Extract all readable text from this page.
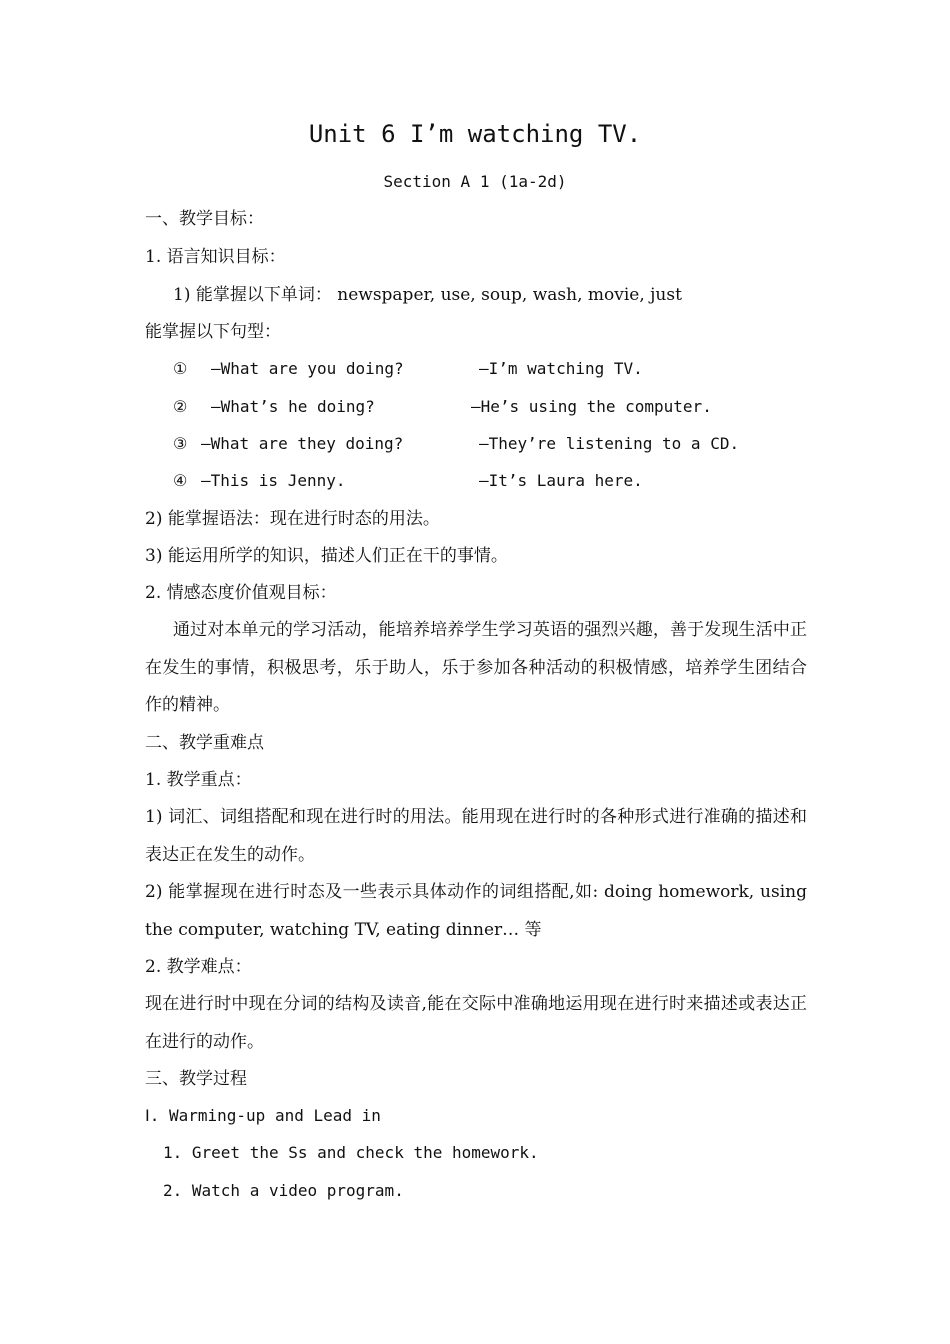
Unit 6 I’m watching TV.
Section A 1 (1a-2d)
一、教学目标：
1. 语言知识目标：
1) 能掌握以下单词： newspaper, use, soup, wash, movie, just
能掌握以下句型：
① —What are you doing?	—I’m watching TV.
② —What’s he doing?	—He’s using the computer.
③ —What are they doing?	—They’re listening to a CD.
④ —This is Jenny.	—It’s Laura here.
2) 能掌握语法：现在进行时态的用法。
3) 能运用所学的知识，描述人们正在干的事情。
2. 情感态度价值观目标：
通过对本单元的学习活动，能培养培养学生学习英语的强烈兴趣，善于发现生活中正在发生的事情，积极思考，乐于助人，乐于参加各种活动的积极情感，培养学生团结合作的精神。
二、教学重难点
1. 教学重点：
1) 词汇、词组搭配和现在进行时的用法。能用现在进行时的各种形式进行准确的描述和表达正在发生的动作。
2) 能掌握现在进行时态及一些表示具体动作的词组搭配,如: doing homework, using the computer, watching TV, eating dinner… 等
2. 教学难点：
现在进行时中现在分词的结构及读音,能在交际中准确地运用现在进行时来描述或表达正在进行的动作。
三、教学过程
Ⅰ. Warming-up and Lead in
1. Greet the Ss and check the homework.
2. Watch a video program.
